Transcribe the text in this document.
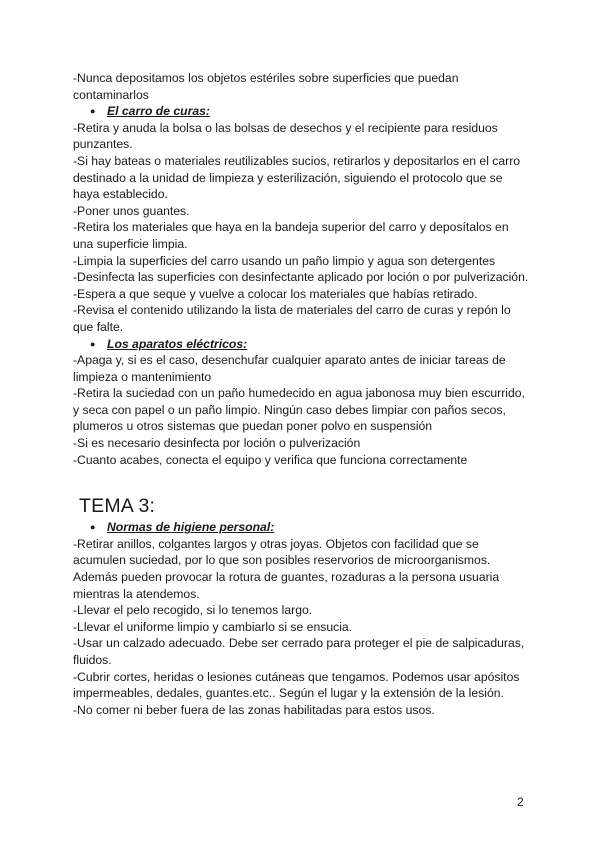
-Nunca depositamos los objetos estériles sobre superficies que puedan
contaminarlos
● El carro de curas:
-Retira y anuda la bolsa o las bolsas de desechos y el recipiente para residuos
punzantes.
-Si hay bateas o materiales reutilizables sucios, retirarlos y depositarlos en el carro
destinado a la unidad de limpieza y esterilización, siguiendo el protocolo que se
haya establecido.
-Poner unos guantes.
-Retira los materiales que haya en la bandeja superior del carro y deposítalos en
una superficie limpia.
-Limpia la superficies del carro usando un paño limpio y agua son detergentes
-Desinfecta las superficies con desinfectante aplicado por loción o por pulverización.
-Espera a que seque y vuelve a colocar los materiales que habías retirado.
-Revisa el contenido utilizando la lista de materiales del carro de curas y repón lo
que falte.
● Los aparatos eléctricos:
-Apaga y, si es el caso, desenchufar cualquier aparato antes de iniciar tareas de
limpieza o mantenimiento
-Retira la suciedad con un paño humedecido en agua jabonosa muy bien escurrido,
y seca con papel o un paño limpio. Ningún caso debes limpiar con paños secos,
plumeros u otros sistemas que puedan poner polvo en suspensión
-Si es necesario desinfecta por loción o pulverización
-Cuanto acabes, conecta el equipo y verifica que funciona correctamente
TEMA 3:
● Normas de higiene personal:
-Retirar anillos, colgantes largos y otras joyas. Objetos con facilidad que se
acumulen suciedad, por lo que son posibles reservorios de microorganismos.
Además pueden provocar la rotura de guantes, rozaduras a la persona usuaria
mientras la atendemos.
-Llevar el pelo recogido, si lo tenemos largo.
-Llevar el uniforme limpio y cambiarlo si se ensucia.
-Usar un calzado adecuado. Debe ser cerrado para proteger el pie de salpicaduras,
fluidos.
-Cubrir cortes, heridas o lesiones cutáneas que tengamos. Podemos usar apósitos
impermeables, dedales, guantes.etc.. Según el lugar y la extensión de la lesión.
-No comer ni beber fuera de las zonas habilitadas para estos usos.
2
